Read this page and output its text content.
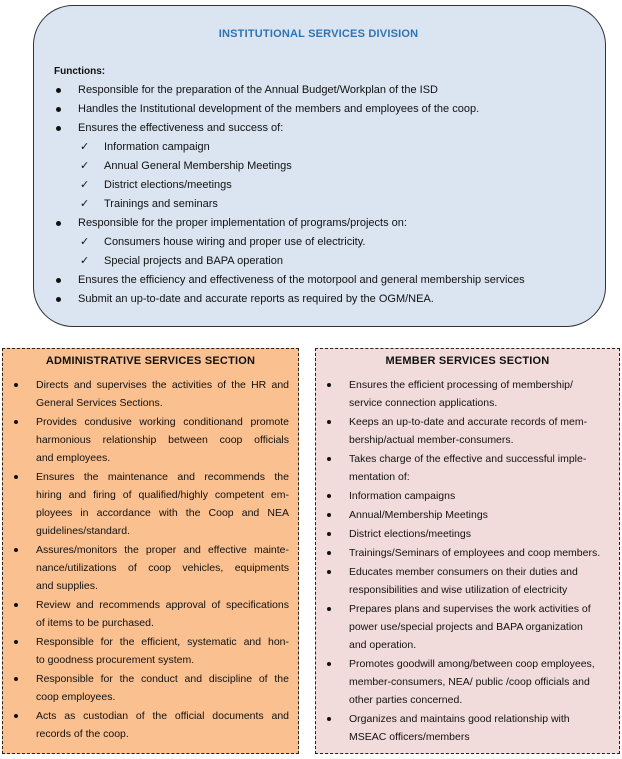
INSTITUTIONAL SERVICES DIVISION
Functions:
Responsible for the preparation of the Annual Budget/Workplan of the ISD
Handles the Institutional development of the members and employees of the coop.
Ensures the effectiveness and success of:
✓ Information campaign
✓ Annual General Membership Meetings
✓ District elections/meetings
✓ Trainings and seminars
Responsible for the proper implementation of programs/projects on:
✓ Consumers house wiring and proper use of electricity.
✓ Special projects and BAPA operation
Ensures the efficiency and effectiveness of the motorpool and general membership services
Submit an up-to-date and accurate reports as required by the OGM/NEA.
ADMINISTRATIVE SERVICES SECTION
Directs and supervises the activities of the HR and
General Services Sections.
Provides condusive working conditionand promote
harmonious relationship between coop officials
and employees.
Ensures the maintenance and recommends the
hiring and firing of qualified/highly competent em-
ployees in accordance with the Coop and NEA
guidelines/standard.
Assures/monitors the proper and effective mainte-
nance/utilizations of coop vehicles, equipments
and supplies.
Review and recommends approval of specifications
of items to be purchased.
Responsible for the efficient, systematic and hon-
to goodness procurement system.
Responsible for the conduct and discipline of the
coop employees.
Acts as custodian of the official documents and
records of the coop.
MEMBER SERVICES SECTION
Ensures the efficient processing of membership/
service connection applications.
Keeps an up-to-date and accurate records of mem-
bership/actual member-consumers.
Takes charge of the effective and successful imple-
mentation of:
Information campaigns
Annual/Membership Meetings
District elections/meetings
Trainings/Seminars of employees and coop members.
Educates member consumers on their duties and
responsibilities and wise utilization of electricity
Prepares plans and supervises the work activities of
power use/special projects and BAPA organization
and operation.
Promotes goodwill among/between coop employees,
member-consumers, NEA/ public /coop officials and
other parties concerned.
Organizes and maintains good relationship with
MSEAC officers/members
